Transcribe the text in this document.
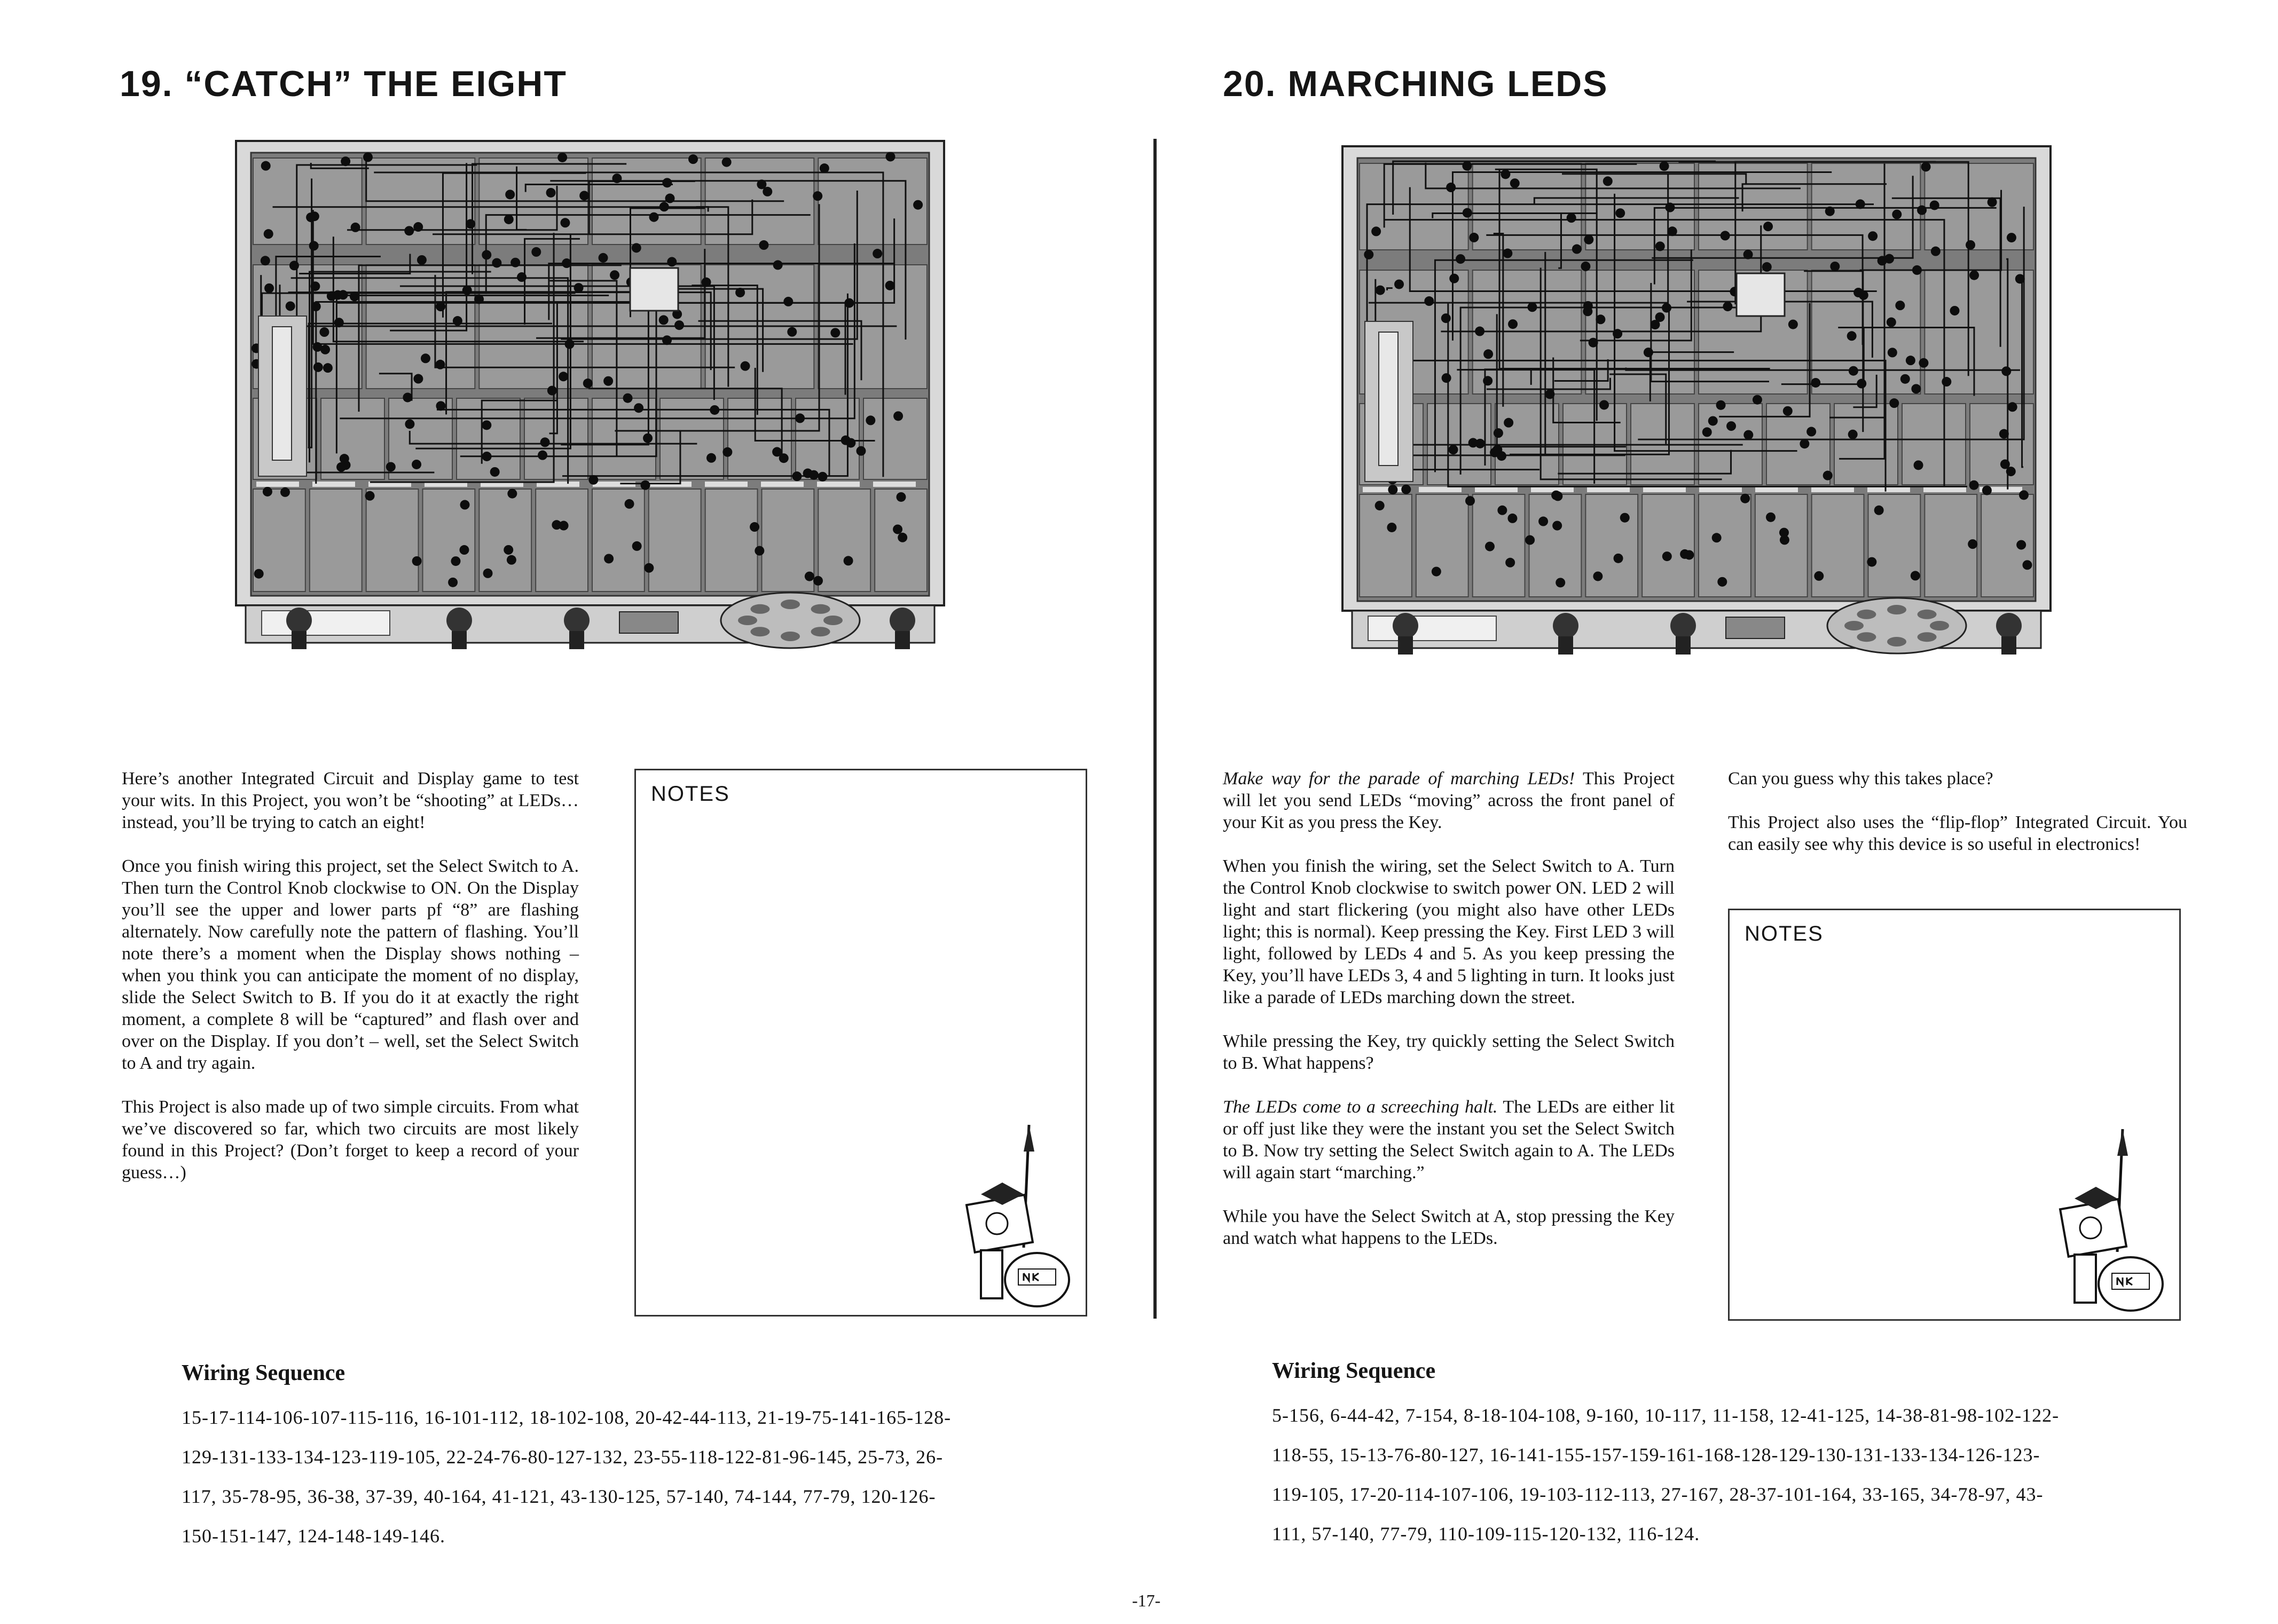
19. “CATCH” THE EIGHT

Here’s another Integrated Circuit and Display game to test your wits. In this Project, you won’t be “shooting” at LEDs… instead, you’ll be trying to catch an eight!

Once you finish wiring this project, set the Select Switch to A. Then turn the Control Knob clockwise to ON. On the Display you’ll see the upper and lower parts pf “8” are flashing alternately. Now carefully note the pattern of flashing. You’ll note there’s a moment when the Display shows nothing – when you think you can anticipate the moment of no display, slide the Select Switch to B. If you do it at exactly the right moment, a complete 8 will be “captured” and flash over and over on the Display. If you don’t – well, set the Select Switch to A and try again.

This Project is also made up of two simple circuits. From what we’ve discovered so far, which two circuits are most likely found in this Project? (Don’t forget to keep a record of your guess…)

NOTES
Wiring Sequence
15-17-114-106-107-115-116, 16-101-112, 18-102-108, 20-42-44-113, 21-19-75-141-165-128-
129-131-133-134-123-119-105, 22-24-76-80-127-132, 23-55-118-122-81-96-145, 25-73, 26-
117, 35-78-95, 36-38, 37-39, 40-164, 41-121, 43-130-125, 57-140, 74-144, 77-79, 120-126-
150-151-147, 124-148-149-146.
20. MARCHING LEDS

Make way for the parade of marching LEDs! This Project will let you send LEDs “moving” across the front panel of your Kit as you press the Key.

When you finish the wiring, set the Select Switch to A. Turn the Control Knob clockwise to switch power ON. LED 2 will light and start flickering (you might also have other LEDs light; this is normal). Keep pressing the Key. First LED 3 will light, followed by LEDs 4 and 5. As you keep pressing the Key, you’ll have LEDs 3, 4 and 5 lighting in turn. It looks just like a parade of LEDs marching down the street.

While pressing the Key, try quickly setting the Select Switch to B. What happens?

The LEDs come to a screeching halt. The LEDs are either lit or off just like they were the instant you set the Select Switch to B. Now try setting the Select Switch again to A. The LEDs will again start “marching.”

While you have the Select Switch at A, stop pressing the Key and watch what happens to the LEDs.

Can you guess why this takes place?

This Project also uses the “flip-flop” Integrated Circuit. You can easily see why this device is so useful in electronics!

NOTES
Wiring Sequence
5-156, 6-44-42, 7-154, 8-18-104-108, 9-160, 10-117, 11-158, 12-41-125, 14-38-81-98-102-122-
118-55, 15-13-76-80-127, 16-141-155-157-159-161-168-128-129-130-131-133-134-126-123-
119-105, 17-20-114-107-106, 19-103-112-113, 27-167, 28-37-101-164, 33-165, 34-78-97, 43-
111, 57-140, 77-79, 110-109-115-120-132, 116-124.
-17-
